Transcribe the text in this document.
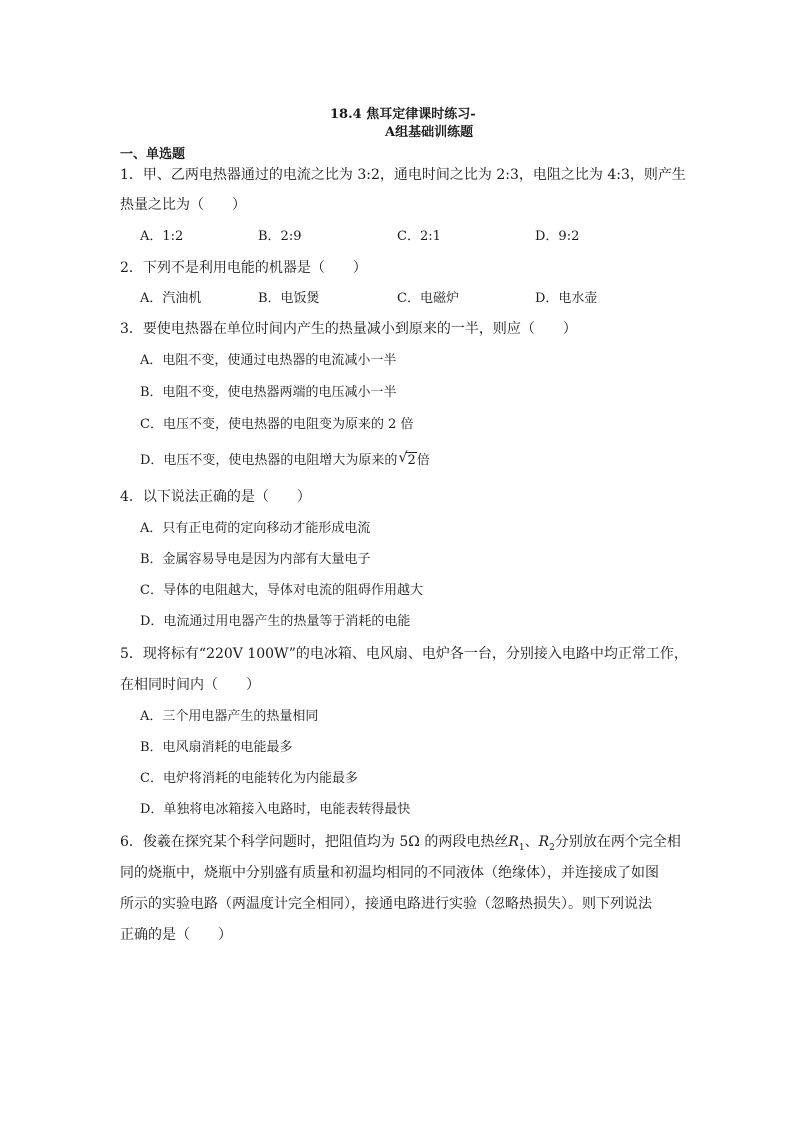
18.4 焦耳定律课时练习-
A组基础训练题
一、单选题
1．甲、乙两电热器通过的电流之比为 3:2，通电时间之比为 2:3，电阻之比为 4:3，则产生
热量之比为（　　）
A．1:2	B．2:9	C．2:1	D．9:2
2．下列不是利用电能的机器是（　　）
A．汽油机	B．电饭煲	C．电磁炉	D．电水壶
3．要使电热器在单位时间内产生的热量减小到原来的一半，则应（　　）
A．电阻不变，使通过电热器的电流减小一半
B．电阻不变，使电热器两端的电压减小一半
C．电压不变，使电热器的电阻变为原来的 2 倍
D．电压不变，使电热器的电阻增大为原来的 √ 2倍
4．以下说法正确的是（　　）
A．只有正电荷的定向移动才能形成电流
B．金属容易导电是因为内部有大量电子
C．导体的电阻越大，导体对电流的阻碍作用越大
D．电流通过用电器产生的热量等于消耗的电能
5．现将标有“220V 100W”的电冰箱、电风扇、电炉各一台，分别接入电路中均正常工作，
在相同时间内（　　）
A．三个用电器产生的热量相同
B．电风扇消耗的电能最多
C．电炉将消耗的电能转化为内能最多
D．单独将电冰箱接入电路时，电能表转得最快
6．俊羲在探究某个科学问题时，把阻值均为 5Ω 的两段电热丝$R_1$、$R_2$分别放在两个完全相
同的烧瓶中，烧瓶中分别盛有质量和初温均相同的不同液体（绝缘体），并连接成了如图
所示的实验电路（两温度计完全相同），接通电路进行实验（忽略热损失）。则下列说法
正确的是（　　）
